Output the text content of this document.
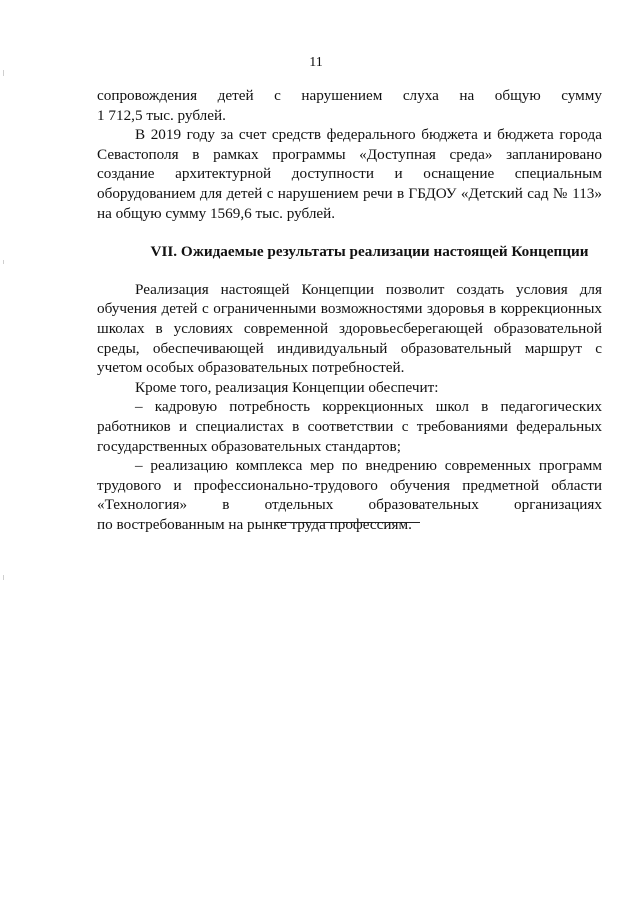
11

сопровождения детей с нарушением слуха на общую сумму

1 712,5 тыс. рублей.

В 2019 году за счет средств федерального бюджета и бюджета города Севастополя в рамках программы «Доступная среда» запланировано создание архитектурной доступности и оснащение специальным оборудованием для детей с нарушением речи в ГБДОУ «Детский сад № 113» на общую сумму 1569,6 тыс. рублей.

VII. Ожидаемые результаты реализации настоящей Концепции

Реализация настоящей Концепции позволит создать условия для обучения детей с ограниченными возможностями здоровья в коррекционных школах в условиях современной здоровьесберегающей образовательной среды, обеспечивающей индивидуальный образовательный маршрут с учетом особых образовательных потребностей.

Кроме того, реализация Концепции обеспечит:

– кадровую потребность коррекционных школ в педагогических работников и специалистах в соответствии с требованиями федеральных государственных образовательных стандартов;

– реализацию комплекса мер по внедрению современных программ трудового и профессионально-трудового обучения предметной области «Технология» в отдельных образовательных организациях

по востребованным на рынке труда профессиям.
